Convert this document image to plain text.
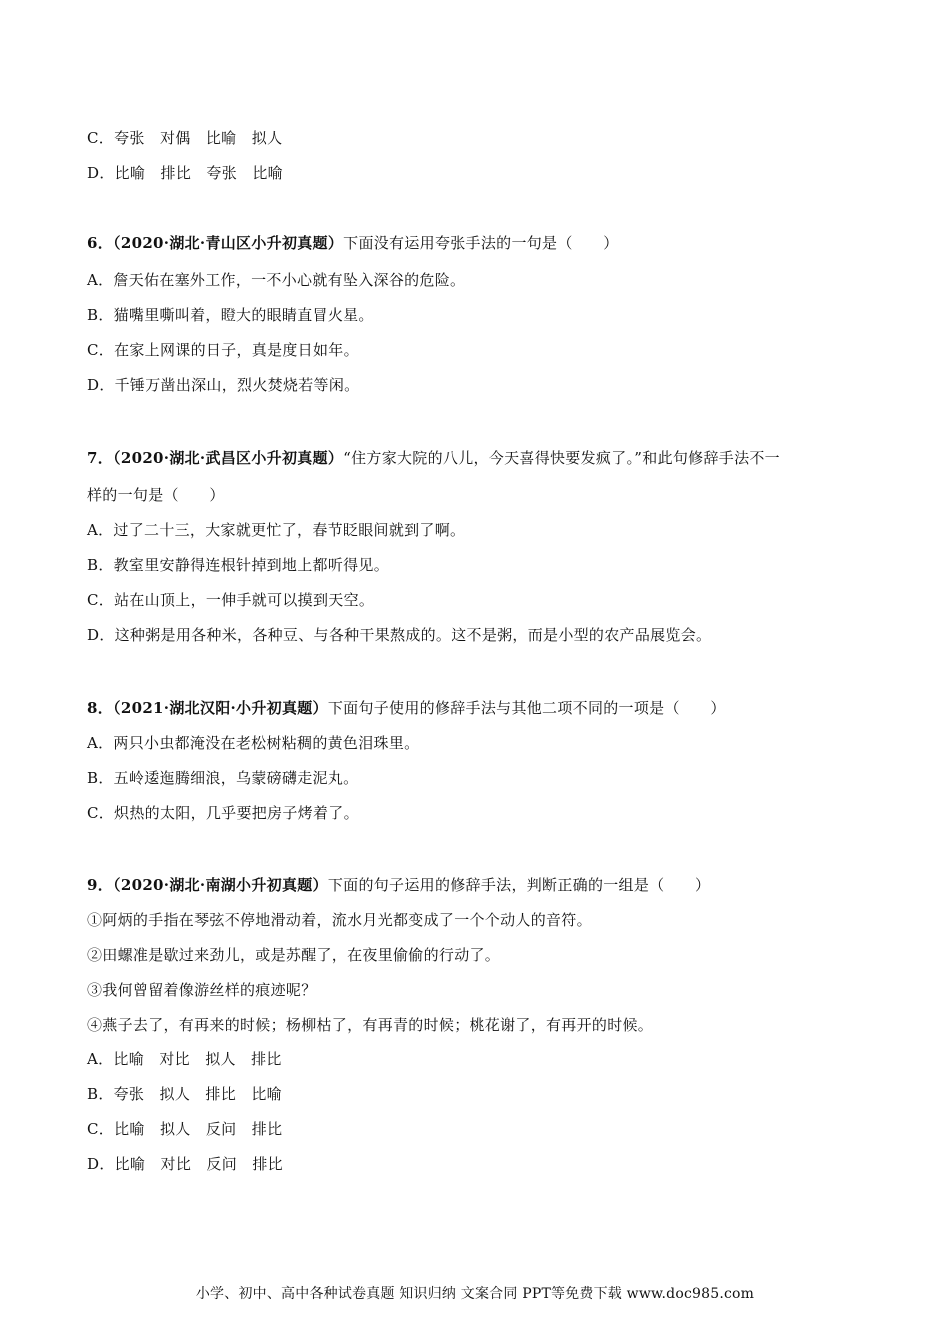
C．夸张　对偶　比喻　拟人
D．比喻　排比　夸张　比喻
6．（2020·湖北·青山区小升初真题）下面没有运用夸张手法的一句是（　　）
A．詹天佑在塞外工作，一不小心就有坠入深谷的危险。
B．猫嘴里嘶叫着，瞪大的眼睛直冒火星。
C．在家上网课的日子，真是度日如年。
D．千锤万凿出深山，烈火焚烧若等闲。
7．（2020·湖北·武昌区小升初真题）“住方家大院的八儿，今天喜得快要发疯了。”和此句修辞手法不一
样的一句是（　　）
A．过了二十三，大家就更忙了，春节眨眼间就到了啊。
B．教室里安静得连根针掉到地上都听得见。
C．站在山顶上，一伸手就可以摸到天空。
D．这种粥是用各种米，各种豆、与各种干果熬成的。这不是粥，而是小型的农产品展览会。
8．（2021·湖北汉阳·小升初真题）下面句子使用的修辞手法与其他二项不同的一项是（　　）
A．两只小虫都淹没在老松树粘稠的黄色泪珠里。
B．五岭逶迤腾细浪，乌蒙磅礴走泥丸。
C．炽热的太阳，几乎要把房子烤着了。
9．（2020·湖北·南湖小升初真题）下面的句子运用的修辞手法，判断正确的一组是（　　）
①阿炳的手指在琴弦不停地滑动着，流水月光都变成了一个个动人的音符。
②田螺准是歇过来劲儿，或是苏醒了，在夜里偷偷的行动了。
③我何曾留着像游丝样的痕迹呢？
④燕子去了，有再来的时候；杨柳枯了，有再青的时候；桃花谢了，有再开的时候。
A．比喻　对比　拟人　排比
B．夸张　拟人　排比　比喻
C．比喻　拟人　反问　排比
D．比喻　对比　反问　排比
小学、初中、高中各种试卷真题 知识归纳 文案合同 PPT等免费下载 www.doc985.com
